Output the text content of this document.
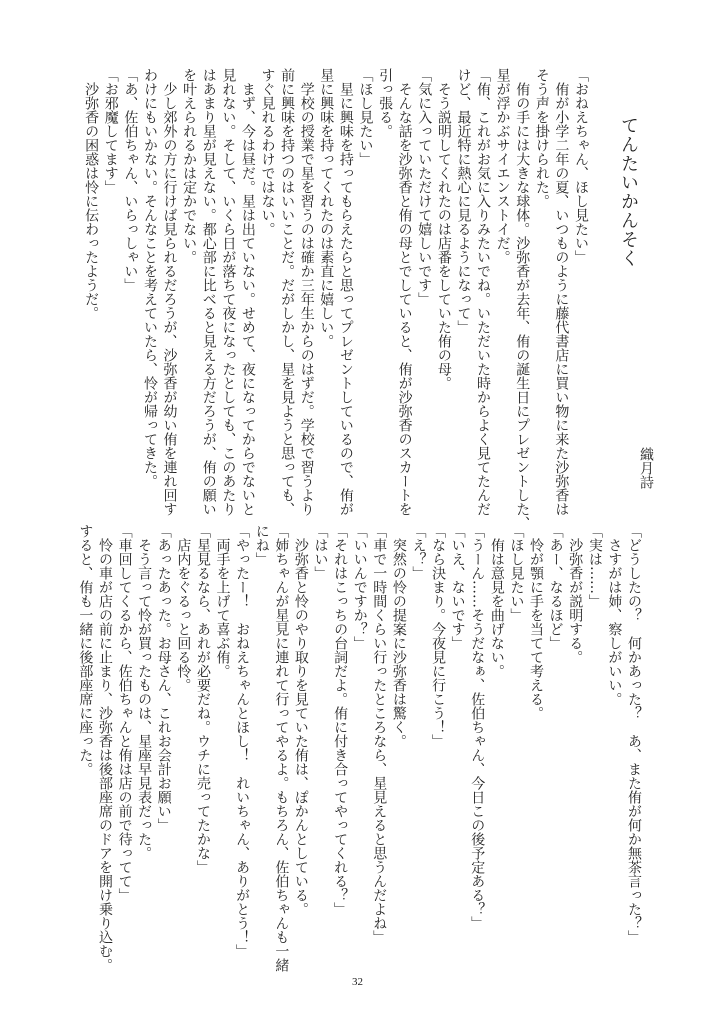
てんたいかんそく
織月詩
「おねえちゃん、ほし見たい」
　侑が小学二年の夏、いつものように藤代書店に買い物に来た沙弥香は
そう声を掛けられた。
　侑の手には大きな球体。沙弥香が去年、侑の誕生日にプレゼントした、
星が浮かぶサイエンストイだ。
「侑、これがお気に入りみたいでね。いただいた時からよく見てたんだ
けど、最近特に熱心に見るようになって」
　そう説明してくれたのは店番をしていた侑の母。
「気に入っていただけて嬉しいです」
　そんな話を沙弥香と侑の母とでしていると、侑が沙弥香のスカートを
引っ張る。
「ほし見たい」
　星に興味を持ってもらえたらと思ってプレゼントしているので、侑が
星に興味を持ってくれたのは素直に嬉しい。
　学校の授業で星を習うのは確か三年生からのはずだ。学校で習うより
前に興味を持つのはいいことだ。だがしかし、星を見ようと思っても、
すぐ見れるわけではない。
　まず、今は昼だ。星は出ていない。せめて、夜になってからでないと
見れない。そして、いくら日が落ちて夜になったとしても、このあたり
はあまり星が見えない。都心部に比べると見える方だろうが、侑の願い
を叶えられるかは定かでない。
　少し郊外の方に行けば見られるだろうが、沙弥香が幼い侑を連れ回す
わけにもいかない。そんなことを考えていたら、怜が帰ってきた。
「あ、佐伯ちゃん、いらっしゃい」
「お邪魔してます」
　沙弥香の困惑は怜に伝わったようだ。
「どうしたの？　何かあった？　あ、また侑が何か無茶言った？」
　さすがは姉、察しがいい。
「実は……」
　沙弥香が説明する。
「あー、なるほど」
　怜が顎に手を当てて考える。
「ほし見たい」
　侑は意見を曲げない。
「うーん……そうだなぁ、佐伯ちゃん、今日この後予定ある？」
「いえ、ないです」
「なら決まり。今夜見に行こう！」
「え？」
　突然の怜の提案に沙弥香は驚く。
「車で一時間くらい行ったところなら、星見えると思うんだよね」
「いいんですか？」
「それはこっちの台詞だよ。侑に付き合ってやってくれる？」
「はい」
　沙弥香と怜のやり取りを見ていた侑は、ぽかんとしている。
「姉ちゃんが星見に連れて行ってやるよ。もちろん、佐伯ちゃんも一緒
にね」
「やったー！　おねえちゃんとほし！　れいちゃん、ありがとう！」
　両手を上げて喜ぶ侑。
「星見るなら、あれが必要だね。ウチに売ってたかな」
　店内をぐるっと回る怜。
「あったあった。お母さん、これお会計お願い」
　そう言って怜が買ったものは、星座早見表だった。
「車回してくるから、佐伯ちゃんと侑は店の前で待ってて」
　怜の車が店の前に止まり、沙弥香は後部座席のドアを開け乗り込む。
すると、侑も一緒に後部座席に座った。
32
